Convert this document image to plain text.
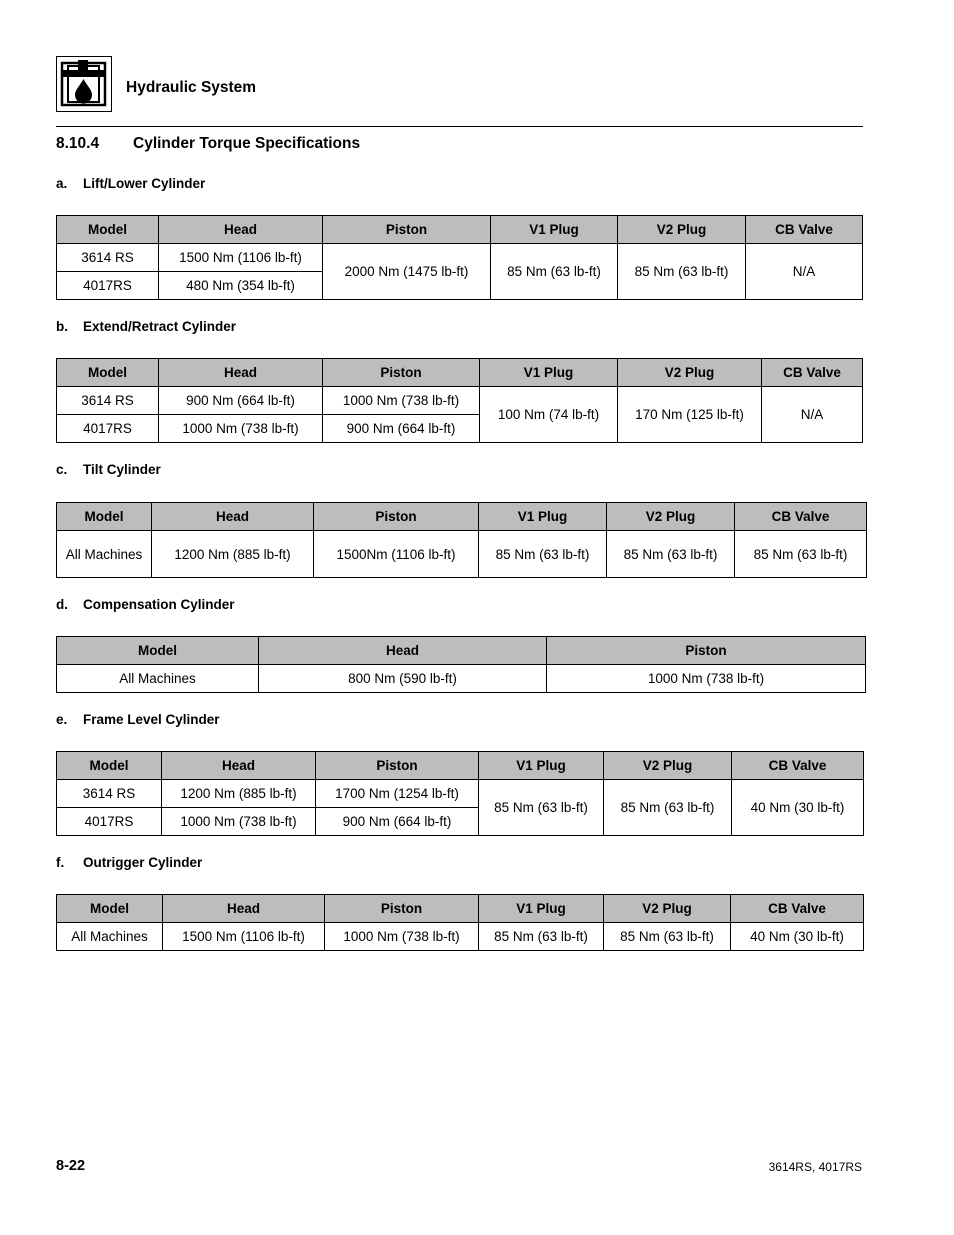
Hydraulic System
8.10.4 Cylinder Torque Specifications
a. Lift/Lower Cylinder
Model	Head	Piston	V1 Plug	V2 Plug	CB Valve
3614 RS	1500 Nm (1106 lb-ft)	2000 Nm (1475 lb-ft)	85 Nm (63 lb-ft)	85 Nm (63 lb-ft)	N/A
4017RS	480 Nm (354 lb-ft)				
b. Extend/Retract Cylinder
Model	Head	Piston	V1 Plug	V2 Plug	CB Valve
3614 RS	900 Nm (664 lb-ft)	1000 Nm (738 lb-ft)	100 Nm (74 lb-ft)	170 Nm (125 lb-ft)	N/A
4017RS	1000 Nm (738 lb-ft)	900 Nm (664 lb-ft)			
c. Tilt Cylinder
Model	Head	Piston	V1 Plug	V2 Plug	CB Valve
All Machines	1200 Nm (885 lb-ft)	1500Nm (1106 lb-ft)	85 Nm (63 lb-ft)	85 Nm (63 lb-ft)	85 Nm (63 lb-ft)
d. Compensation Cylinder
Model	Head	Piston
All Machines	800 Nm (590 lb-ft)	1000 Nm (738 lb-ft)
e. Frame Level Cylinder
Model	Head	Piston	V1 Plug	V2 Plug	CB Valve
3614 RS	1200 Nm (885 lb-ft)	1700 Nm (1254 lb-ft)	85 Nm (63 lb-ft)	85 Nm (63 lb-ft)	40 Nm (30 lb-ft)
4017RS	1000 Nm (738 lb-ft)	900 Nm (664 lb-ft)			
f. Outrigger Cylinder
Model	Head	Piston	V1 Plug	V2 Plug	CB Valve
All Machines	1500 Nm (1106 lb-ft)	1000 Nm (738 lb-ft)	85 Nm (63 lb-ft)	85 Nm (63 lb-ft)	40 Nm (30 lb-ft)
8-22	3614RS, 4017RS
